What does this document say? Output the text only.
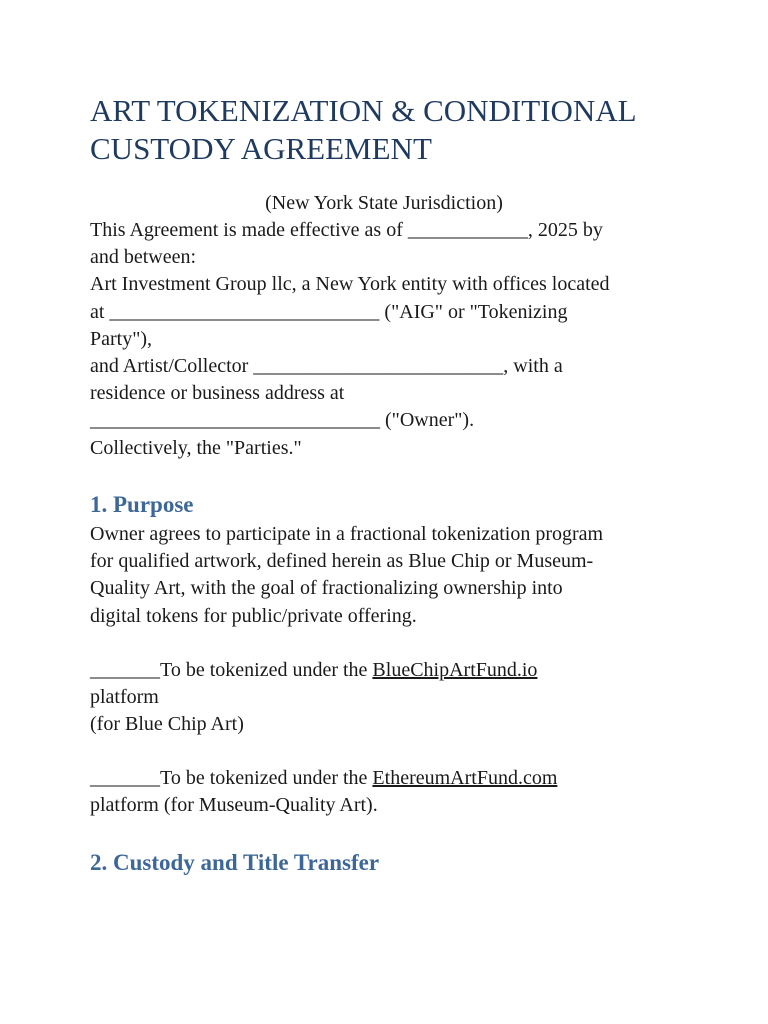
ART TOKENIZATION & CONDITIONAL
CUSTODY AGREEMENT
(New York State Jurisdiction)
This Agreement is made effective as of ____________, 2025 by
and between:
Art Investment Group llc, a New York entity with offices located
at ___________________________ ("AIG" or "Tokenizing
Party"),
and Artist/Collector _________________________, with a
residence or business address at
_____________________________ ("Owner").
Collectively, the "Parties."
1. Purpose
Owner agrees to participate in a fractional tokenization program
for qualified artwork, defined herein as Blue Chip or Museum-
Quality Art, with the goal of fractionalizing ownership into
digital tokens for public/private offering.
_______To be tokenized under the BlueChipArtFund.io
platform
(for Blue Chip Art)
_______To be tokenized under the EthereumArtFund.com
platform (for Museum-Quality Art).
2. Custody and Title Transfer
